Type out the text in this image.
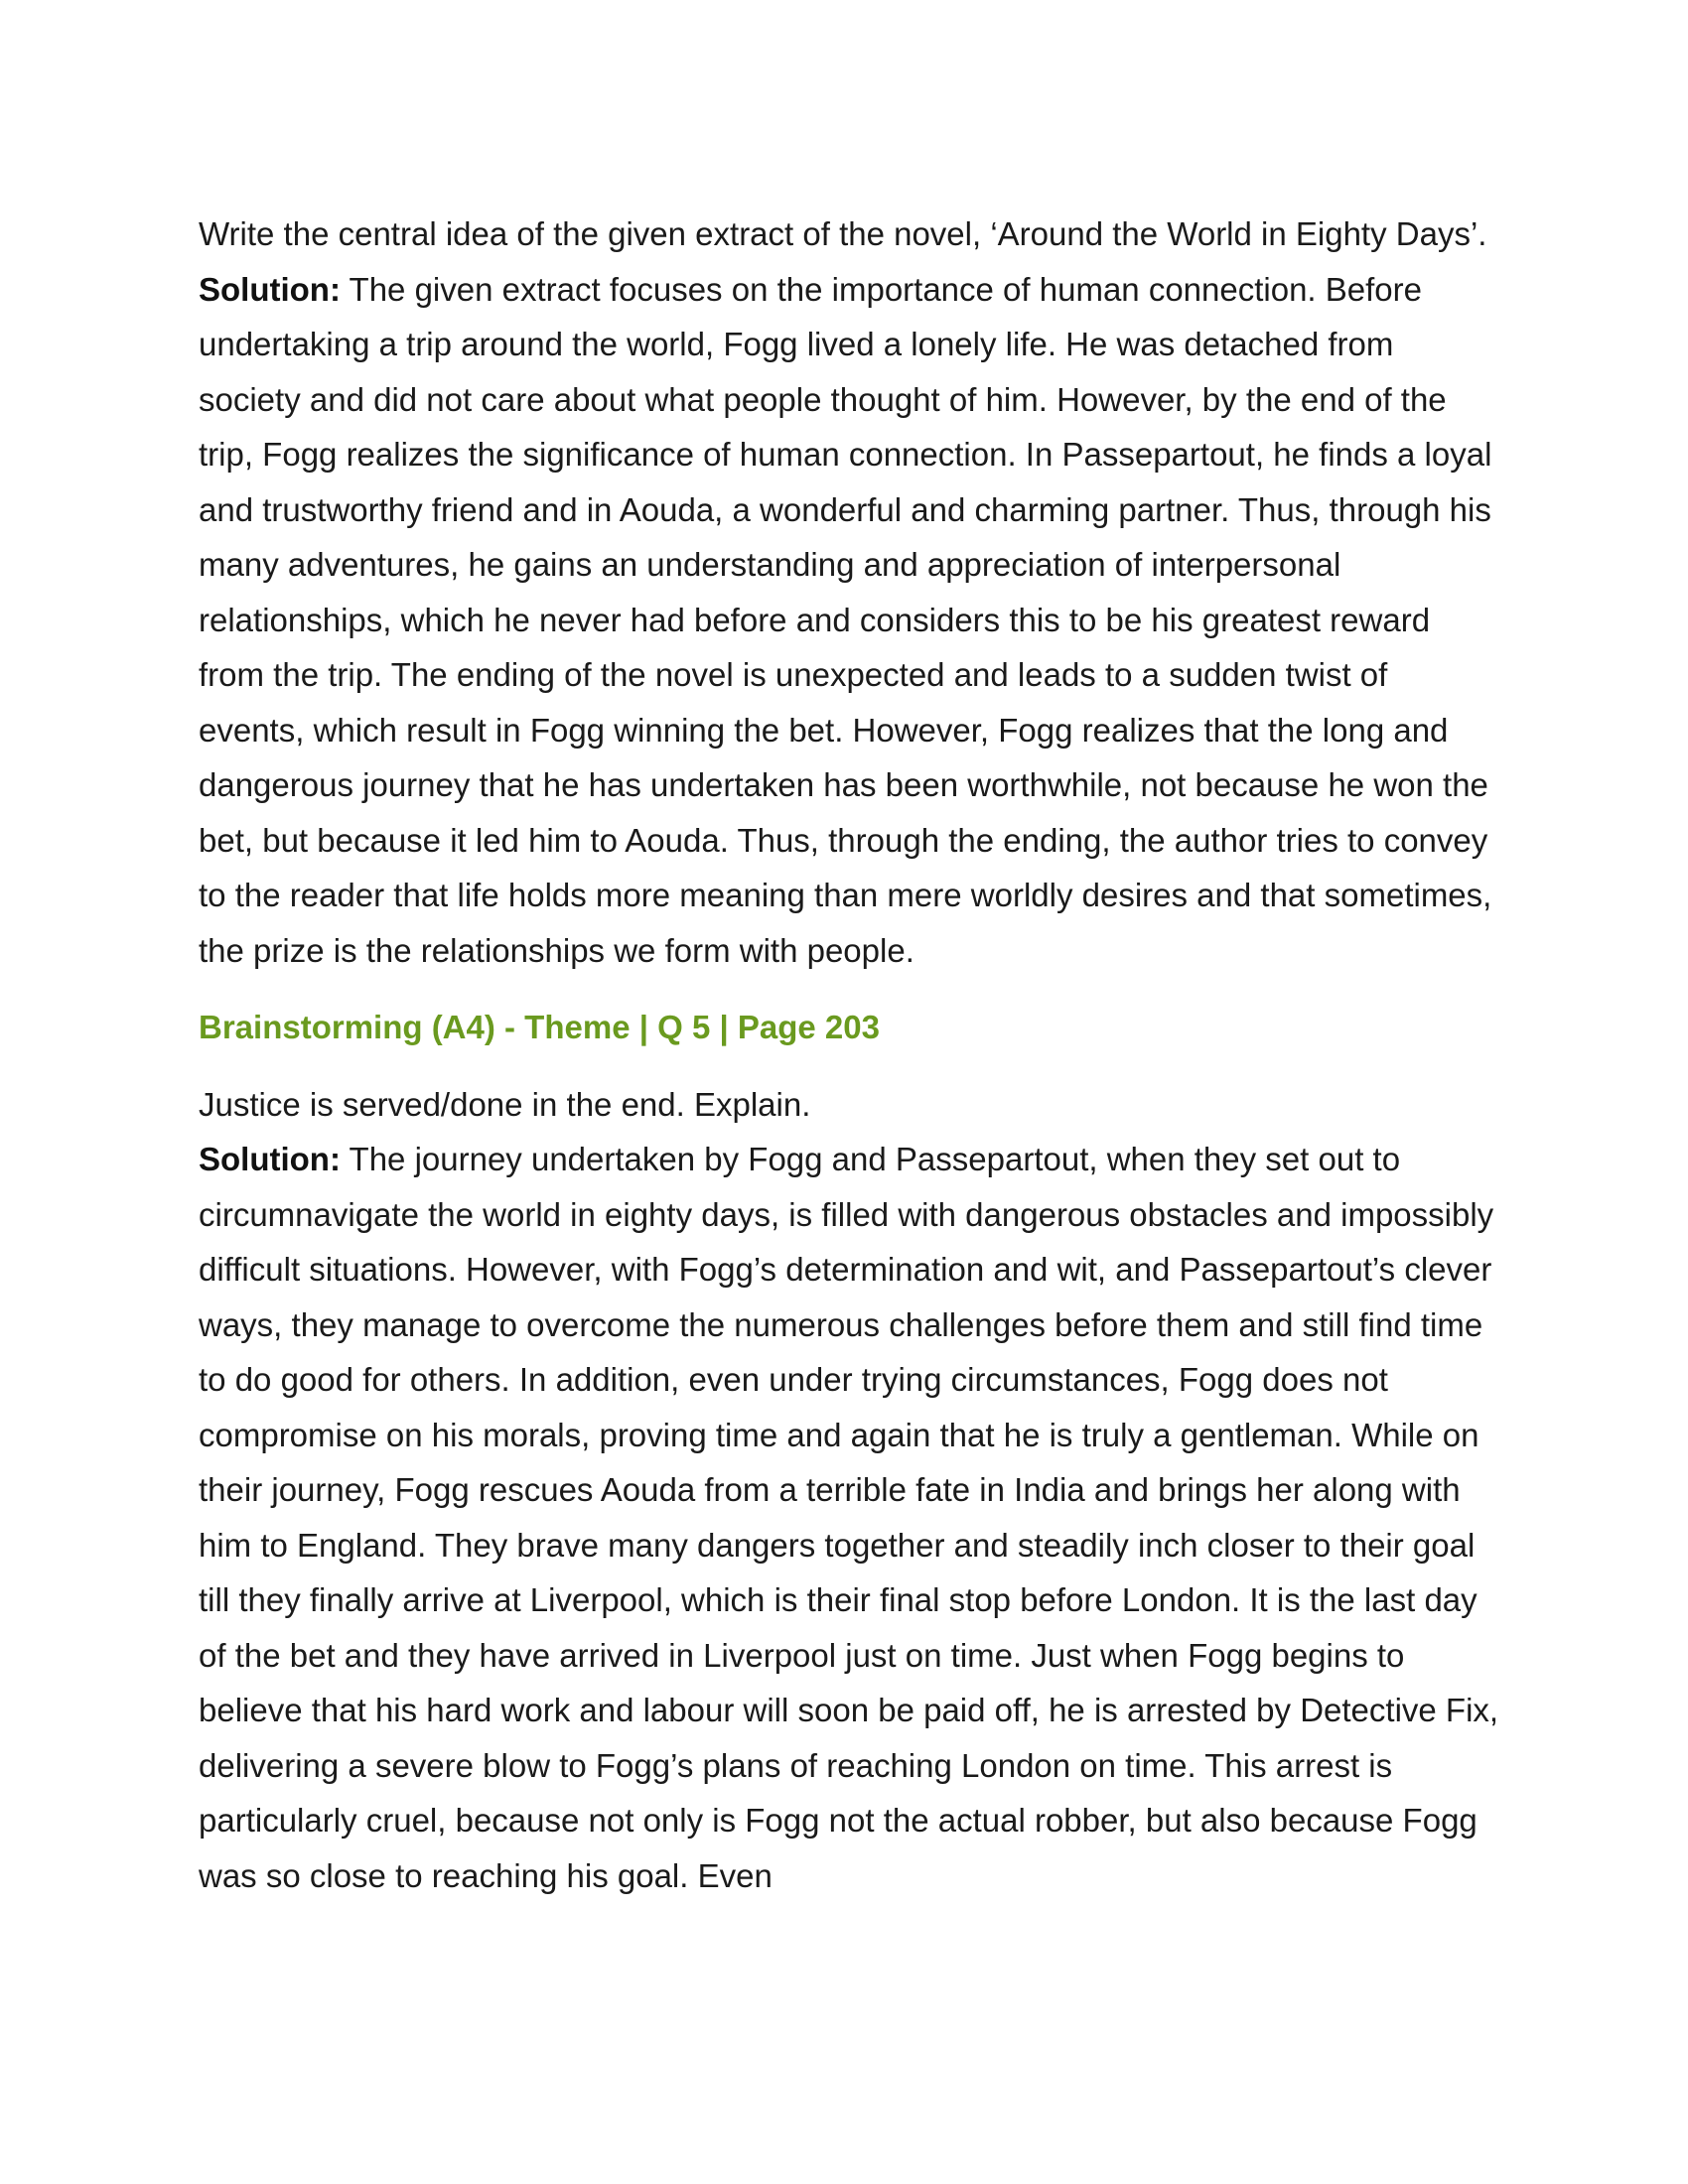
Write the central idea of the given extract of the novel, ‘Around the World in Eighty Days’.

Solution: The given extract focuses on the importance of human connection. Before undertaking a trip around the world, Fogg lived a lonely life. He was detached from society and did not care about what people thought of him. However, by the end of the trip, Fogg realizes the significance of human connection. In Passepartout, he finds a loyal and trustworthy friend and in Aouda, a wonderful and charming partner. Thus, through his many adventures, he gains an understanding and appreciation of interpersonal relationships, which he never had before and considers this to be his greatest reward from the trip. The ending of the novel is unexpected and leads to a sudden twist of events, which result in Fogg winning the bet. However, Fogg realizes that the long and dangerous journey that he has undertaken has been worthwhile, not because he won the bet, but because it led him to Aouda. Thus, through the ending, the author tries to convey to the reader that life holds more meaning than mere worldly desires and that sometimes, the prize is the relationships we form with people.

Brainstorming (A4) - Theme | Q 5 | Page 203

Justice is served/done in the end. Explain.

Solution: The journey undertaken by Fogg and Passepartout, when they set out to circumnavigate the world in eighty days, is filled with dangerous obstacles and impossibly difficult situations. However, with Fogg’s determination and wit, and Passepartout’s clever ways, they manage to overcome the numerous challenges before them and still find time to do good for others. In addition, even under trying circumstances, Fogg does not compromise on his morals, proving time and again that he is truly a gentleman. While on their journey, Fogg rescues Aouda from a terrible fate in India and brings her along with him to England. They brave many dangers together and steadily inch closer to their goal till they finally arrive at Liverpool, which is their final stop before London. It is the last day of the bet and they have arrived in Liverpool just on time. Just when Fogg begins to believe that his hard work and labour will soon be paid off, he is arrested by Detective Fix, delivering a severe blow to Fogg’s plans of reaching London on time. This arrest is particularly cruel, because not only is Fogg not the actual robber, but also because Fogg was so close to reaching his goal. Even
